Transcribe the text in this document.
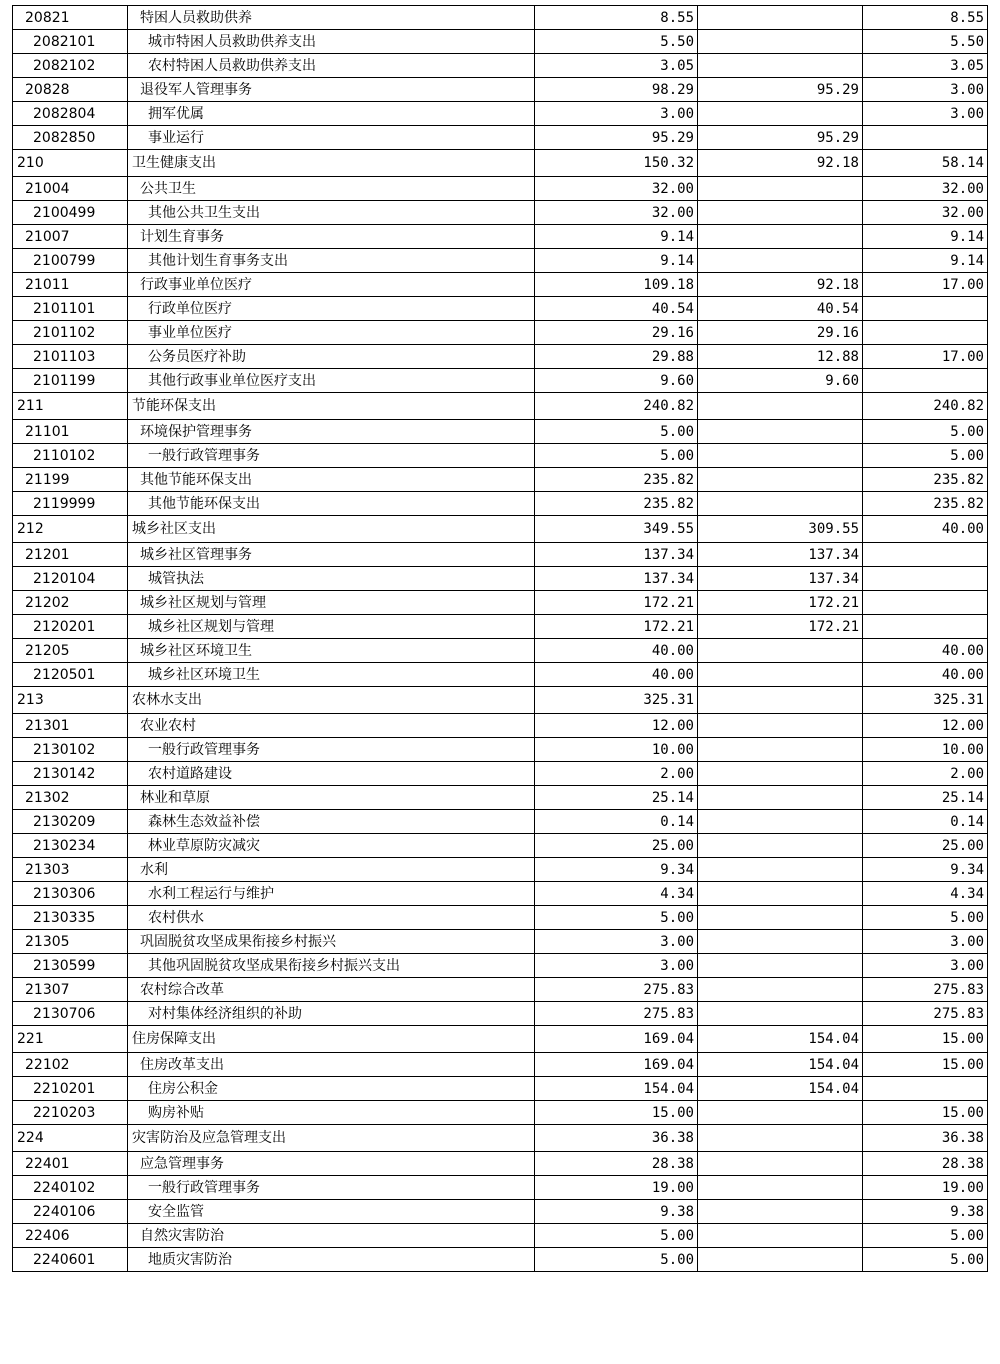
20821	特困人员救助供养	8.55		8.55
2082101	城市特困人员救助供养支出	5.50		5.50
2082102	农村特困人员救助供养支出	3.05		3.05
20828	退役军人管理事务	98.29	95.29	3.00
2082804	拥军优属	3.00		3.00
2082850	事业运行	95.29	95.29	
210	卫生健康支出	150.32	92.18	58.14
21004	公共卫生	32.00		32.00
2100499	其他公共卫生支出	32.00		32.00
21007	计划生育事务	9.14		9.14
2100799	其他计划生育事务支出	9.14		9.14
21011	行政事业单位医疗	109.18	92.18	17.00
2101101	行政单位医疗	40.54	40.54	
2101102	事业单位医疗	29.16	29.16	
2101103	公务员医疗补助	29.88	12.88	17.00
2101199	其他行政事业单位医疗支出	9.60	9.60	
211	节能环保支出	240.82		240.82
21101	环境保护管理事务	5.00		5.00
2110102	一般行政管理事务	5.00		5.00
21199	其他节能环保支出	235.82		235.82
2119999	其他节能环保支出	235.82		235.82
212	城乡社区支出	349.55	309.55	40.00
21201	城乡社区管理事务	137.34	137.34	
2120104	城管执法	137.34	137.34	
21202	城乡社区规划与管理	172.21	172.21	
2120201	城乡社区规划与管理	172.21	172.21	
21205	城乡社区环境卫生	40.00		40.00
2120501	城乡社区环境卫生	40.00		40.00
213	农林水支出	325.31		325.31
21301	农业农村	12.00		12.00
2130102	一般行政管理事务	10.00		10.00
2130142	农村道路建设	2.00		2.00
21302	林业和草原	25.14		25.14
2130209	森林生态效益补偿	0.14		0.14
2130234	林业草原防灾减灾	25.00		25.00
21303	水利	9.34		9.34
2130306	水利工程运行与维护	4.34		4.34
2130335	农村供水	5.00		5.00
21305	巩固脱贫攻坚成果衔接乡村振兴	3.00		3.00
2130599	其他巩固脱贫攻坚成果衔接乡村振兴支出	3.00		3.00
21307	农村综合改革	275.83		275.83
2130706	对村集体经济组织的补助	275.83		275.83
221	住房保障支出	169.04	154.04	15.00
22102	住房改革支出	169.04	154.04	15.00
2210201	住房公积金	154.04	154.04	
2210203	购房补贴	15.00		15.00
224	灾害防治及应急管理支出	36.38		36.38
22401	应急管理事务	28.38		28.38
2240102	一般行政管理事务	19.00		19.00
2240106	安全监管	9.38		9.38
22406	自然灾害防治	5.00		5.00
2240601	地质灾害防治	5.00		5.00
